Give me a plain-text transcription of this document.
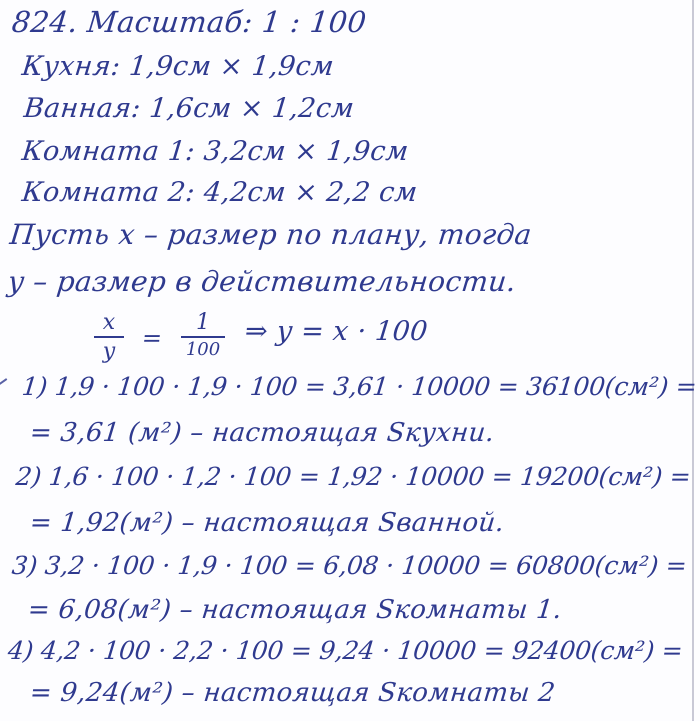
824. Масштаб: 1 : 100
Кухня: 1,9см × 1,9см
Ванная: 1,6см × 1,2см
Комната 1: 3,2см × 1,9см
Комната 2: 4,2см × 2,2 см
Пусть x – размер по плану, тогда
y – размер в действительности.
x
y	=
1
100
⇒ y = x · 100
1) 1,9 · 100 · 1,9 · 100 = 3,61 · 10000 = 36100(см²) =
= 3,61 (м²) – настоящая Sкухни.
2) 1,6 · 100 · 1,2 · 100 = 1,92 · 10000 = 19200(см²) =
= 1,92(м²) – настоящая Sванной.
3) 3,2 · 100 · 1,9 · 100 = 6,08 · 10000 = 60800(см²) =
= 6,08(м²) – настоящая Sкомнаты 1.
4) 4,2 · 100 · 2,2 · 100 = 9,24 · 10000 = 92400(см²) =
= 9,24(м²) – настоящая Sкомнаты 2
